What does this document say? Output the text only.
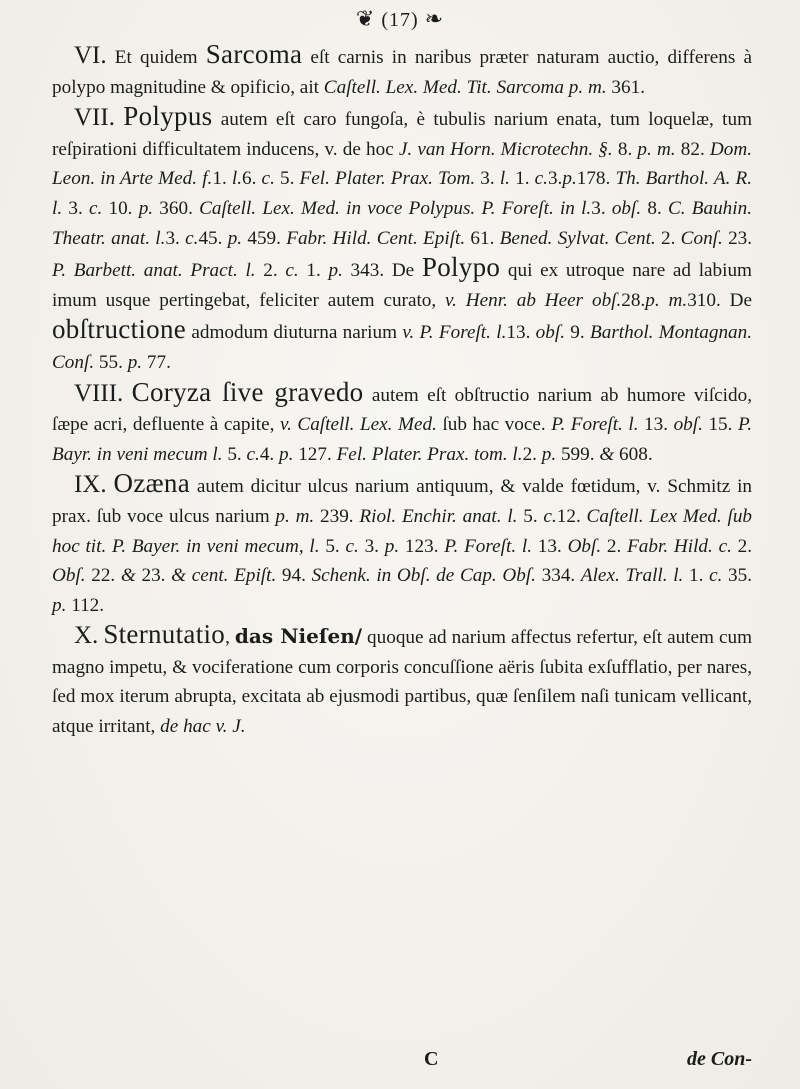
❦ (17) ❧

VI. Et quidem Sarcoma eſt carnis in naribus præter naturam auctio, differens à polypo magnitudine & opificio, ait Caſtell. Lex. Med. Tit. Sarcoma p. m. 361.

VII. Polypus autem eſt caro fungoſa, è tubulis narium enata, tum loquelæ, tum reſpirationi difficultatem inducens, v. de hoc J. van Horn. Microtechn. §. 8. p. m. 82. Dom. Leon. in Arte Med. f.1. l.6. c. 5. Fel. Plater. Prax. Tom. 3. l. 1. c.3.p.178. Th. Barthol. A. R. l. 3. c. 10. p. 360. Caſtell. Lex. Med. in voce Polypus. P. Foreſt. in l.3. obſ. 8. C. Bauhin. Theatr. anat. l.3. c.45. p. 459. Fabr. Hild. Cent. Epiſt. 61. Bened. Sylvat. Cent. 2. Conſ. 23. P. Barbett. anat. Pract. l. 2. c. 1. p. 343. De Polypo qui ex utroque nare ad labium imum usque pertingebat, feliciter autem curato, v. Henr. ab Heer obſ.28.p. m.310. De obſtructione admodum diuturna narium v. P. Foreſt. l.13. obſ. 9. Barthol. Montagnan. Conſ. 55. p. 77.

VIII. Coryza ſive gravedo autem eſt obſtructio narium ab humore viſcido, ſæpe acri, defluente à capite, v. Caſtell. Lex. Med. ſub hac voce. P. Foreſt. l. 13. obſ. 15. P. Bayr. in veni mecum l. 5. c.4. p. 127. Fel. Plater. Prax. tom. l.2. p. 599. & 608.

IX. Ozæna autem dicitur ulcus narium antiquum, & valde fœtidum, v. Schmitz in prax. ſub voce ulcus narium p. m. 239. Riol. Enchir. anat. l. 5. c.12. Caſtell. Lex Med. ſub hoc tit. P. Bayer. in veni mecum, l. 5. c. 3. p. 123. P. Foreſt. l. 13. Obſ. 2. Fabr. Hild. c. 2. Obſ. 22. & 23. & cent. Epiſt. 94. Schenk. in Obſ. de Cap. Obſ. 334. Alex. Trall. l. 1. c. 35. p. 112.

X. Sternutatio, das Nieſen/ quoque ad narium affectus refertur, eſt autem cum magno impetu, & vociferatione cum corporis concuſſione aëris ſubita exſufflatio, per nares, ſed mox iterum abrupta, excitata ab ejusmodi partibus, quæ ſenſilem naſi tunicam vellicant, atque irritant, de hac v. J.

C	de Con-
